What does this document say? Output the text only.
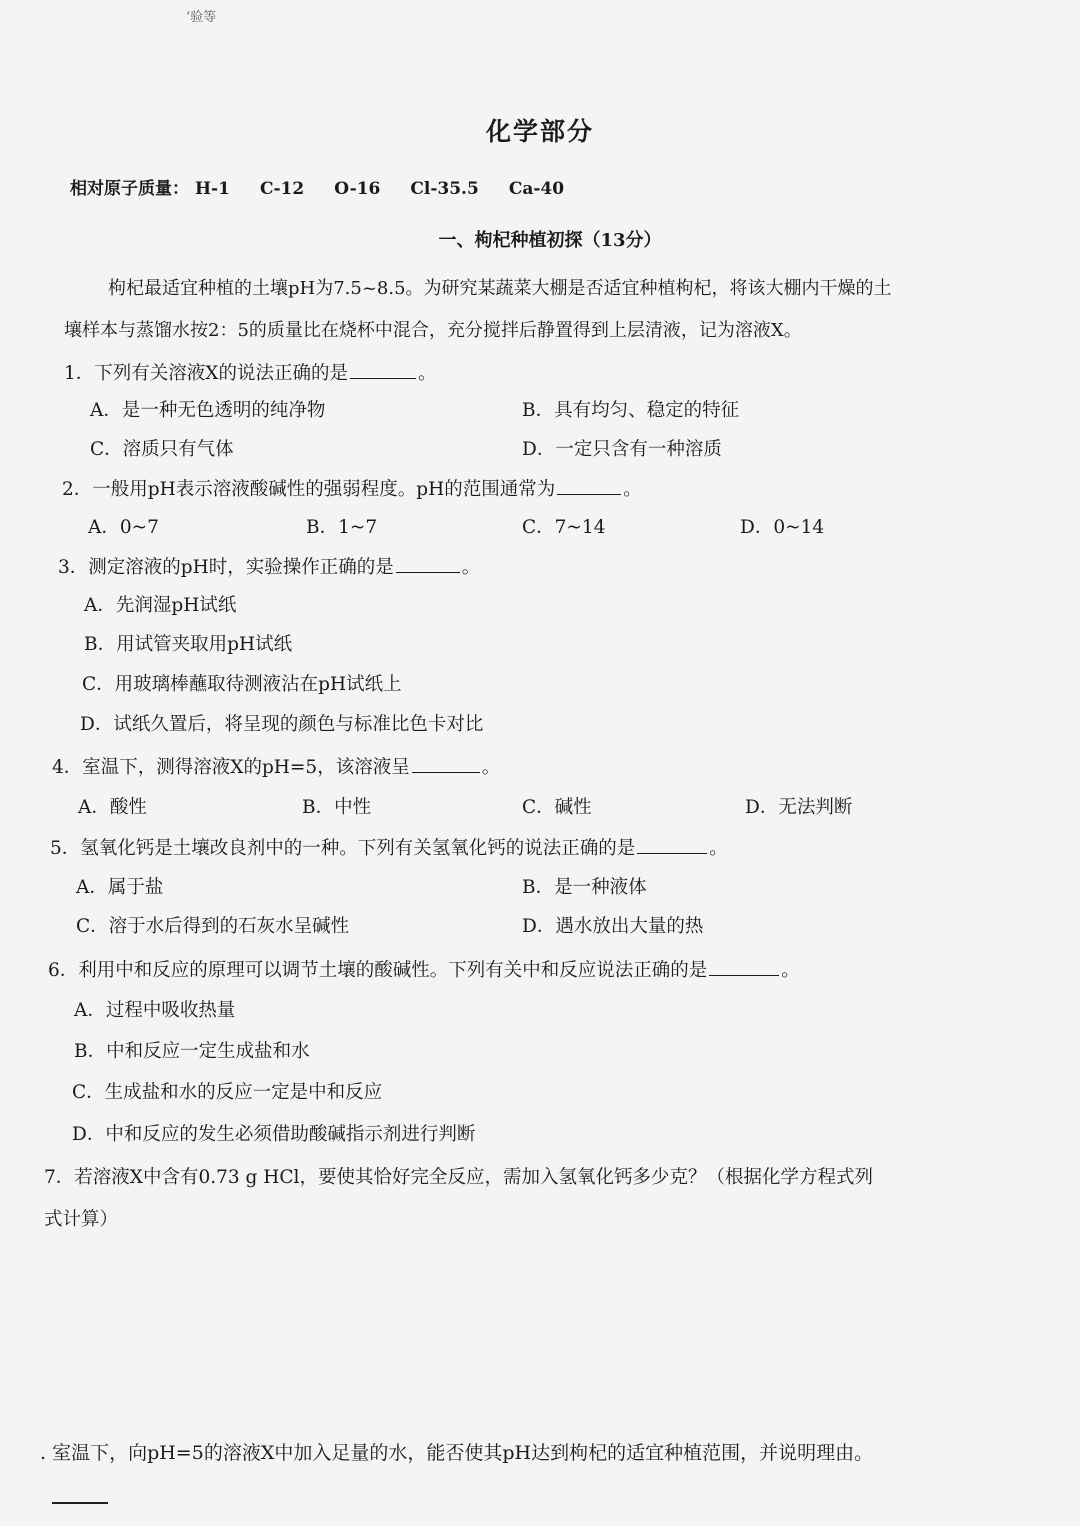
‘验等
化学部分
相对原子质量： H-1 C-12 O-16 Cl-35.5 Ca-40
一、枸杞种植初探（13分）
枸杞最适宜种植的土壤pH为7.5~8.5。为研究某蔬菜大棚是否适宜种植枸杞，将该大棚内干燥的土
壤样本与蒸馏水按2：5的质量比在烧杯中混合，充分搅拌后静置得到上层清液，记为溶液X。
1．下列有关溶液X的说法正确的是	。
A．是一种无色透明的纯净物	B．具有均匀、稳定的特征
C．溶质只有气体	D．一定只含有一种溶质
2．一般用pH表示溶液酸碱性的强弱程度。pH的范围通常为	。
A．0~7	B．1~7	C．7~14	D．0~14
3．测定溶液的pH时，实验操作正确的是	。
A．先润湿pH试纸
B．用试管夹取用pH试纸
C．用玻璃棒蘸取待测液沾在pH试纸上
D．试纸久置后，将呈现的颜色与标准比色卡对比
4．室温下，测得溶液X的pH=5，该溶液呈	。
A．酸性	B．中性	C．碱性	D．无法判断
5．氢氧化钙是土壤改良剂中的一种。下列有关氢氧化钙的说法正确的是	。
A．属于盐	B．是一种液体
C．溶于水后得到的石灰水呈碱性	D．遇水放出大量的热
6．利用中和反应的原理可以调节土壤的酸碱性。下列有关中和反应说法正确的是	。
A．过程中吸收热量
B．中和反应一定生成盐和水
C．生成盐和水的反应一定是中和反应
D．中和反应的发生必须借助酸碱指示剂进行判断
7．若溶液X中含有0.73 g HCl，要使其恰好完全反应，需加入氢氧化钙多少克？（根据化学方程式列
式计算）
. 室温下，向pH=5的溶液X中加入足量的水，能否使其pH达到枸杞的适宜种植范围，并说明理由。
